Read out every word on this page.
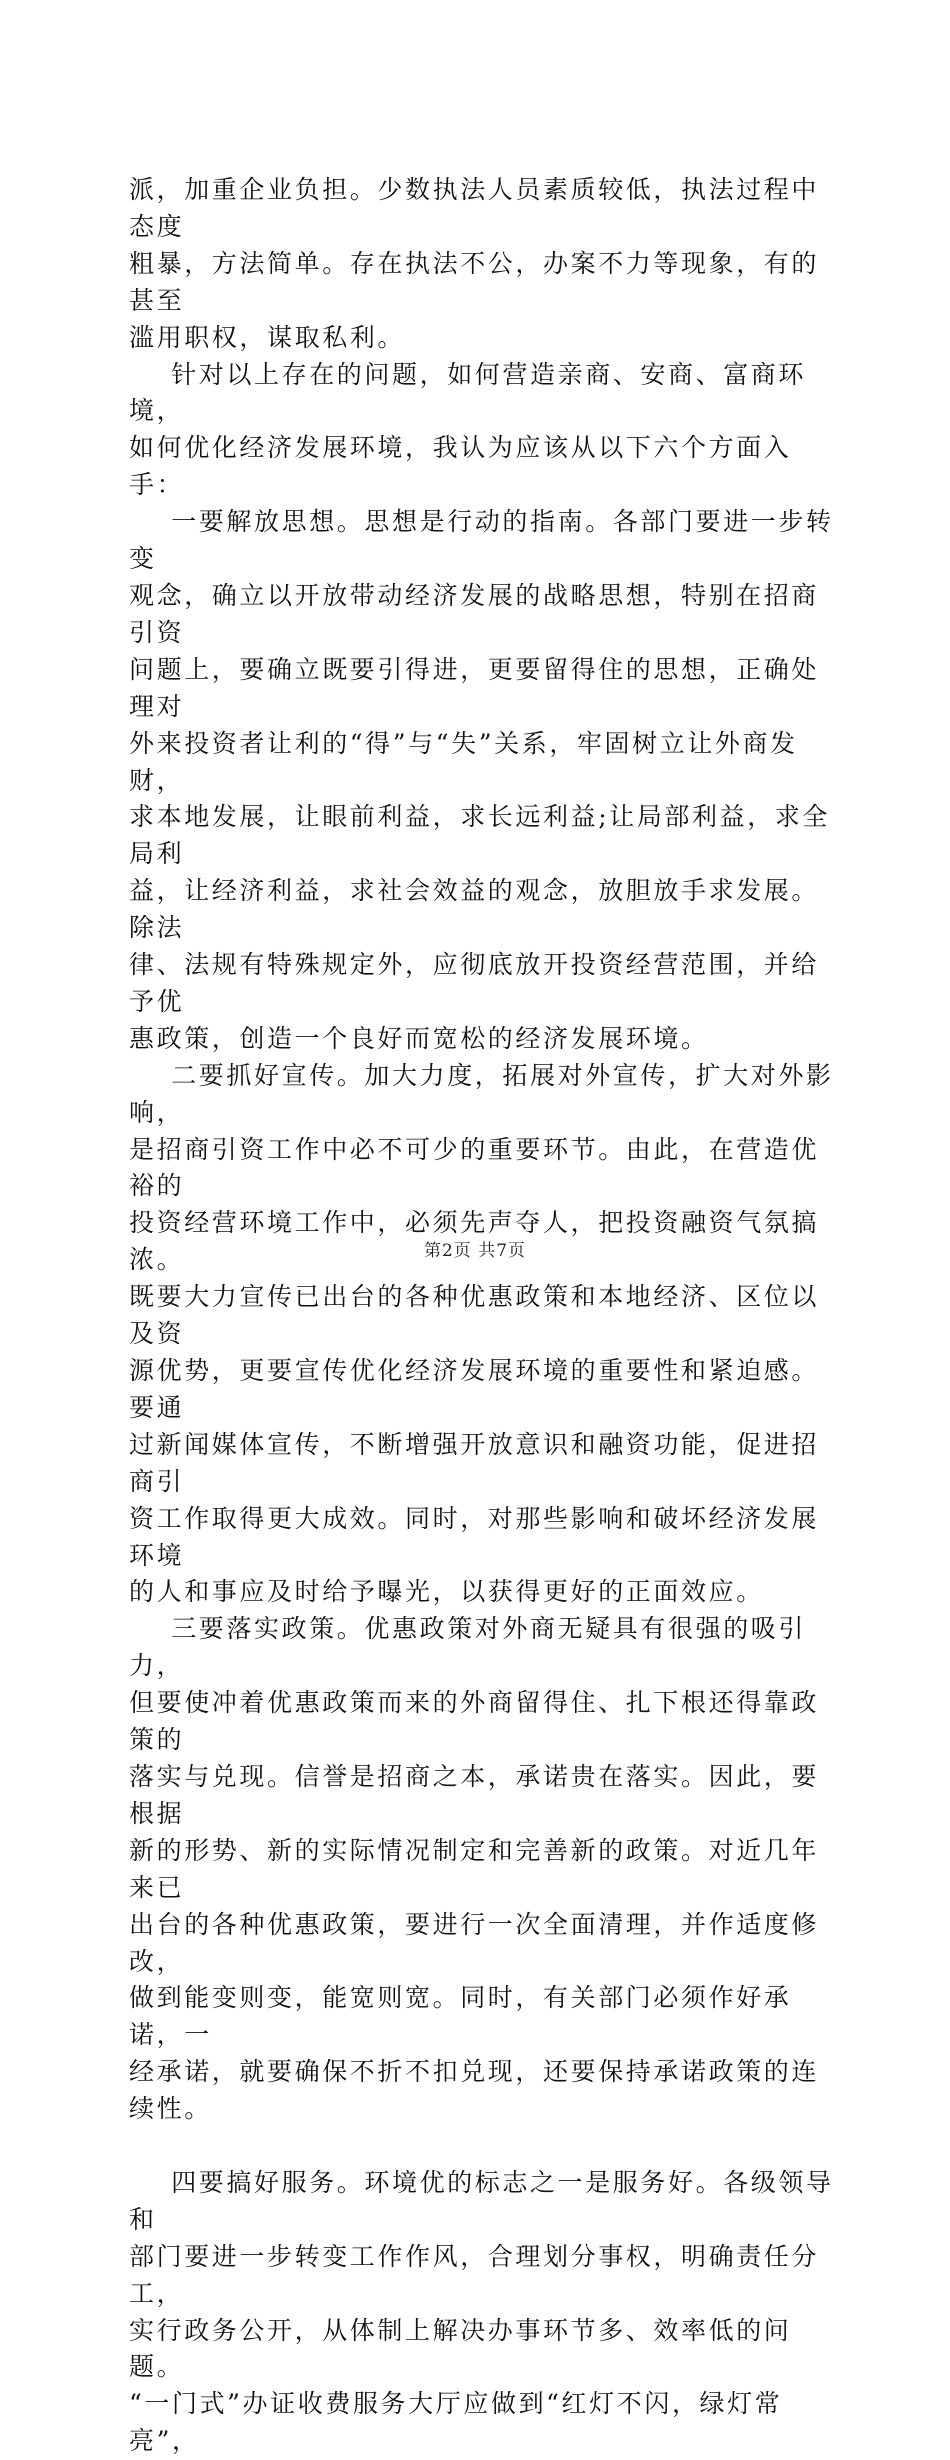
派，加重企业负担。少数执法人员素质较低，执法过程中态度

粗暴，方法简单。存在执法不公，办案不力等现象，有的甚至

滥用职权，谋取私利。

针对以上存在的问题，如何营造亲商、安商、富商环境，

如何优化经济发展环境，我认为应该从以下六个方面入手：

一要解放思想。思想是行动的指南。各部门要进一步转变

观念，确立以开放带动经济发展的战略思想，特别在招商引资

问题上，要确立既要引得进，更要留得住的思想，正确处理对

外来投资者让利的“得”与“失”关系，牢固树立让外商发财，

求本地发展，让眼前利益，求长远利益;让局部利益，求全局利

益，让经济利益，求社会效益的观念，放胆放手求发展。除法

律、法规有特殊规定外，应彻底放开投资经营范围，并给予优

惠政策，创造一个良好而宽松的经济发展环境。

二要抓好宣传。加大力度，拓展对外宣传，扩大对外影响，

是招商引资工作中必不可少的重要环节。由此，在营造优裕的

投资经营环境工作中，必须先声夺人，把投资融资气氛搞浓。

既要大力宣传已出台的各种优惠政策和本地经济、区位以及资

源优势，更要宣传优化经济发展环境的重要性和紧迫感。要通

过新闻媒体宣传，不断增强开放意识和融资功能，促进招商引

资工作取得更大成效。同时，对那些影响和破坏经济发展环境

的人和事应及时给予曝光，以获得更好的正面效应。

三要落实政策。优惠政策对外商无疑具有很强的吸引力，

但要使冲着优惠政策而来的外商留得住、扎下根还得靠政策的

落实与兑现。信誉是招商之本，承诺贵在落实。因此，要根据

新的形势、新的实际情况制定和完善新的政策。对近几年来已

出台的各种优惠政策，要进行一次全面清理，并作适度修改，

做到能变则变，能宽则宽。同时，有关部门必须作好承诺，一

经承诺，就要确保不折不扣兑现，还要保持承诺政策的连续性。

四要搞好服务。环境优的标志之一是服务好。各级领导和

部门要进一步转变工作作风，合理划分事权，明确责任分工，

实行政务公开，从体制上解决办事环节多、效率低的问题。

“一门式”办证收费服务大厅应做到“红灯不闪，绿灯常亮”，

第2页 共7页
